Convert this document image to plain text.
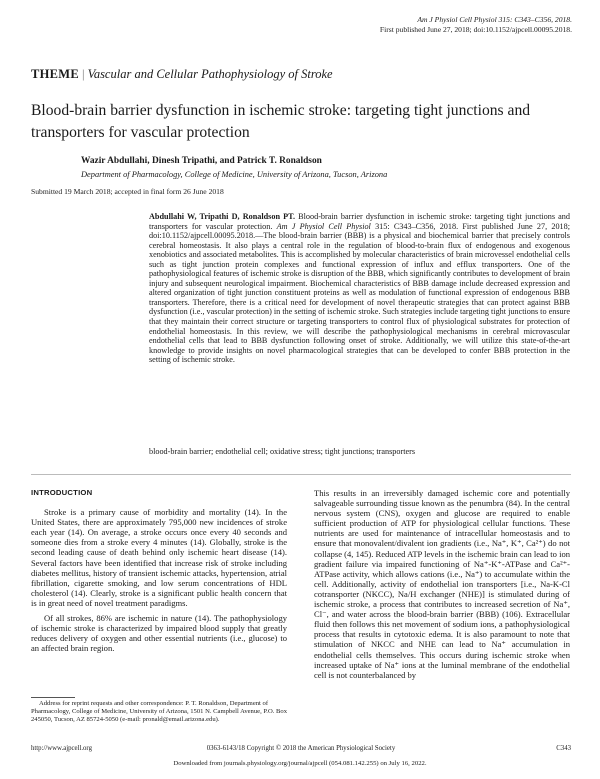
Am J Physiol Cell Physiol 315: C343–C356, 2018.
First published June 27, 2018; doi:10.1152/ajpcell.00095.2018.
THEME | Vascular and Cellular Pathophysiology of Stroke
Blood-brain barrier dysfunction in ischemic stroke: targeting tight junctions and transporters for vascular protection
Wazir Abdullahi, Dinesh Tripathi, and Patrick T. Ronaldson
Department of Pharmacology, College of Medicine, University of Arizona, Tucson, Arizona
Submitted 19 March 2018; accepted in final form 26 June 2018
Abdullahi W, Tripathi D, Ronaldson PT. Blood-brain barrier dysfunction in ischemic stroke: targeting tight junctions and transporters for vascular protection. Am J Physiol Cell Physiol 315: C343–C356, 2018. First published June 27, 2018; doi:10.1152/ajpcell.00095.2018.—The blood-brain barrier (BBB) is a physical and biochemical barrier that precisely controls cerebral homeostasis. It also plays a central role in the regulation of blood-to-brain flux of endogenous and exogenous xenobiotics and associated metabolites. This is accomplished by molecular characteristics of brain microvessel endothelial cells such as tight junction protein complexes and functional expression of influx and efflux transporters. One of the pathophysiological features of ischemic stroke is disruption of the BBB, which significantly contributes to development of brain injury and subsequent neurological impairment. Biochemical characteristics of BBB damage include decreased expression and altered organization of tight junction constituent proteins as well as modulation of functional expression of endogenous BBB transporters. Therefore, there is a critical need for development of novel therapeutic strategies that can protect against BBB dysfunction (i.e., vascular protection) in the setting of ischemic stroke. Such strategies include targeting tight junctions to ensure that they maintain their correct structure or targeting transporters to control flux of physiological substrates for protection of endothelial homeostasis. In this review, we will describe the pathophysiological mechanisms in cerebral microvascular endothelial cells that lead to BBB dysfunction following onset of stroke. Additionally, we will utilize this state-of-the-art knowledge to provide insights on novel pharmacological strategies that can be developed to confer BBB protection in the setting of ischemic stroke.
blood-brain barrier; endothelial cell; oxidative stress; tight junctions; transporters
INTRODUCTION

Stroke is a primary cause of morbidity and mortality (14). In the United States, there are approximately 795,000 new incidences of stroke each year (14). On average, a stroke occurs once every 40 seconds and someone dies from a stroke every 4 minutes (14). Globally, stroke is the second leading cause of death behind only ischemic heart disease (14). Several factors have been identified that increase risk of stroke including diabetes mellitus, history of transient ischemic attacks, hypertension, atrial fibrillation, cigarette smoking, and low serum concentrations of HDL cholesterol (14). Clearly, stroke is a significant public health concern that is in great need of novel treatment paradigms.

Of all strokes, 86% are ischemic in nature (14). The pathophysiology of ischemic stroke is characterized by impaired blood supply that greatly reduces delivery of oxygen and other essential nutrients (i.e., glucose) to an affected brain region.

This results in an irreversibly damaged ischemic core and potentially salvageable surrounding tissue known as the penumbra (84). In the central nervous system (CNS), oxygen and glucose are required to enable sufficient production of ATP for physiological cellular functions. These nutrients are used for maintenance of intracellular homeostasis and to ensure that monovalent/divalent ion gradients (i.e., Na⁺, K⁺, Ca²⁺) do not collapse (4, 145). Reduced ATP levels in the ischemic brain can lead to ion gradient failure via impaired functioning of Na⁺-K⁺-ATPase and Ca²⁺-ATPase activity, which allows cations (i.e., Na⁺) to accumulate within the cell. Additionally, activity of endothelial ion transporters [i.e., Na-K-Cl cotransporter (NKCC), Na/H exchanger (NHE)] is stimulated during of ischemic stroke, a process that contributes to increased secretion of Na⁺, Cl⁻, and water across the blood-brain barrier (BBB) (106). Extracellular fluid then follows this net movement of sodium ions, a pathophysiological process that results in cytotoxic edema. It is also paramount to note that stimulation of NKCC and NHE can lead to Na⁺ accumulation in endothelial cells themselves. This occurs during ischemic stroke when increased uptake of Na⁺ ions at the luminal membrane of the endothelial cell is not counterbalanced by

Address for reprint requests and other correspondence: P. T. Ronaldson, Department of Pharmacology, College of Medicine, University of Arizona, 1501 N. Campbell Avenue, P.O. Box 245050, Tucson, AZ 85724-5050 (e-mail: pronald@email.arizona.edu).
http://www.ajpcell.org	0363-6143/18 Copyright © 2018 the American Physiological Society	C343
Downloaded from journals.physiology.org/journal/ajpcell (054.081.142.255) on July 16, 2022.
